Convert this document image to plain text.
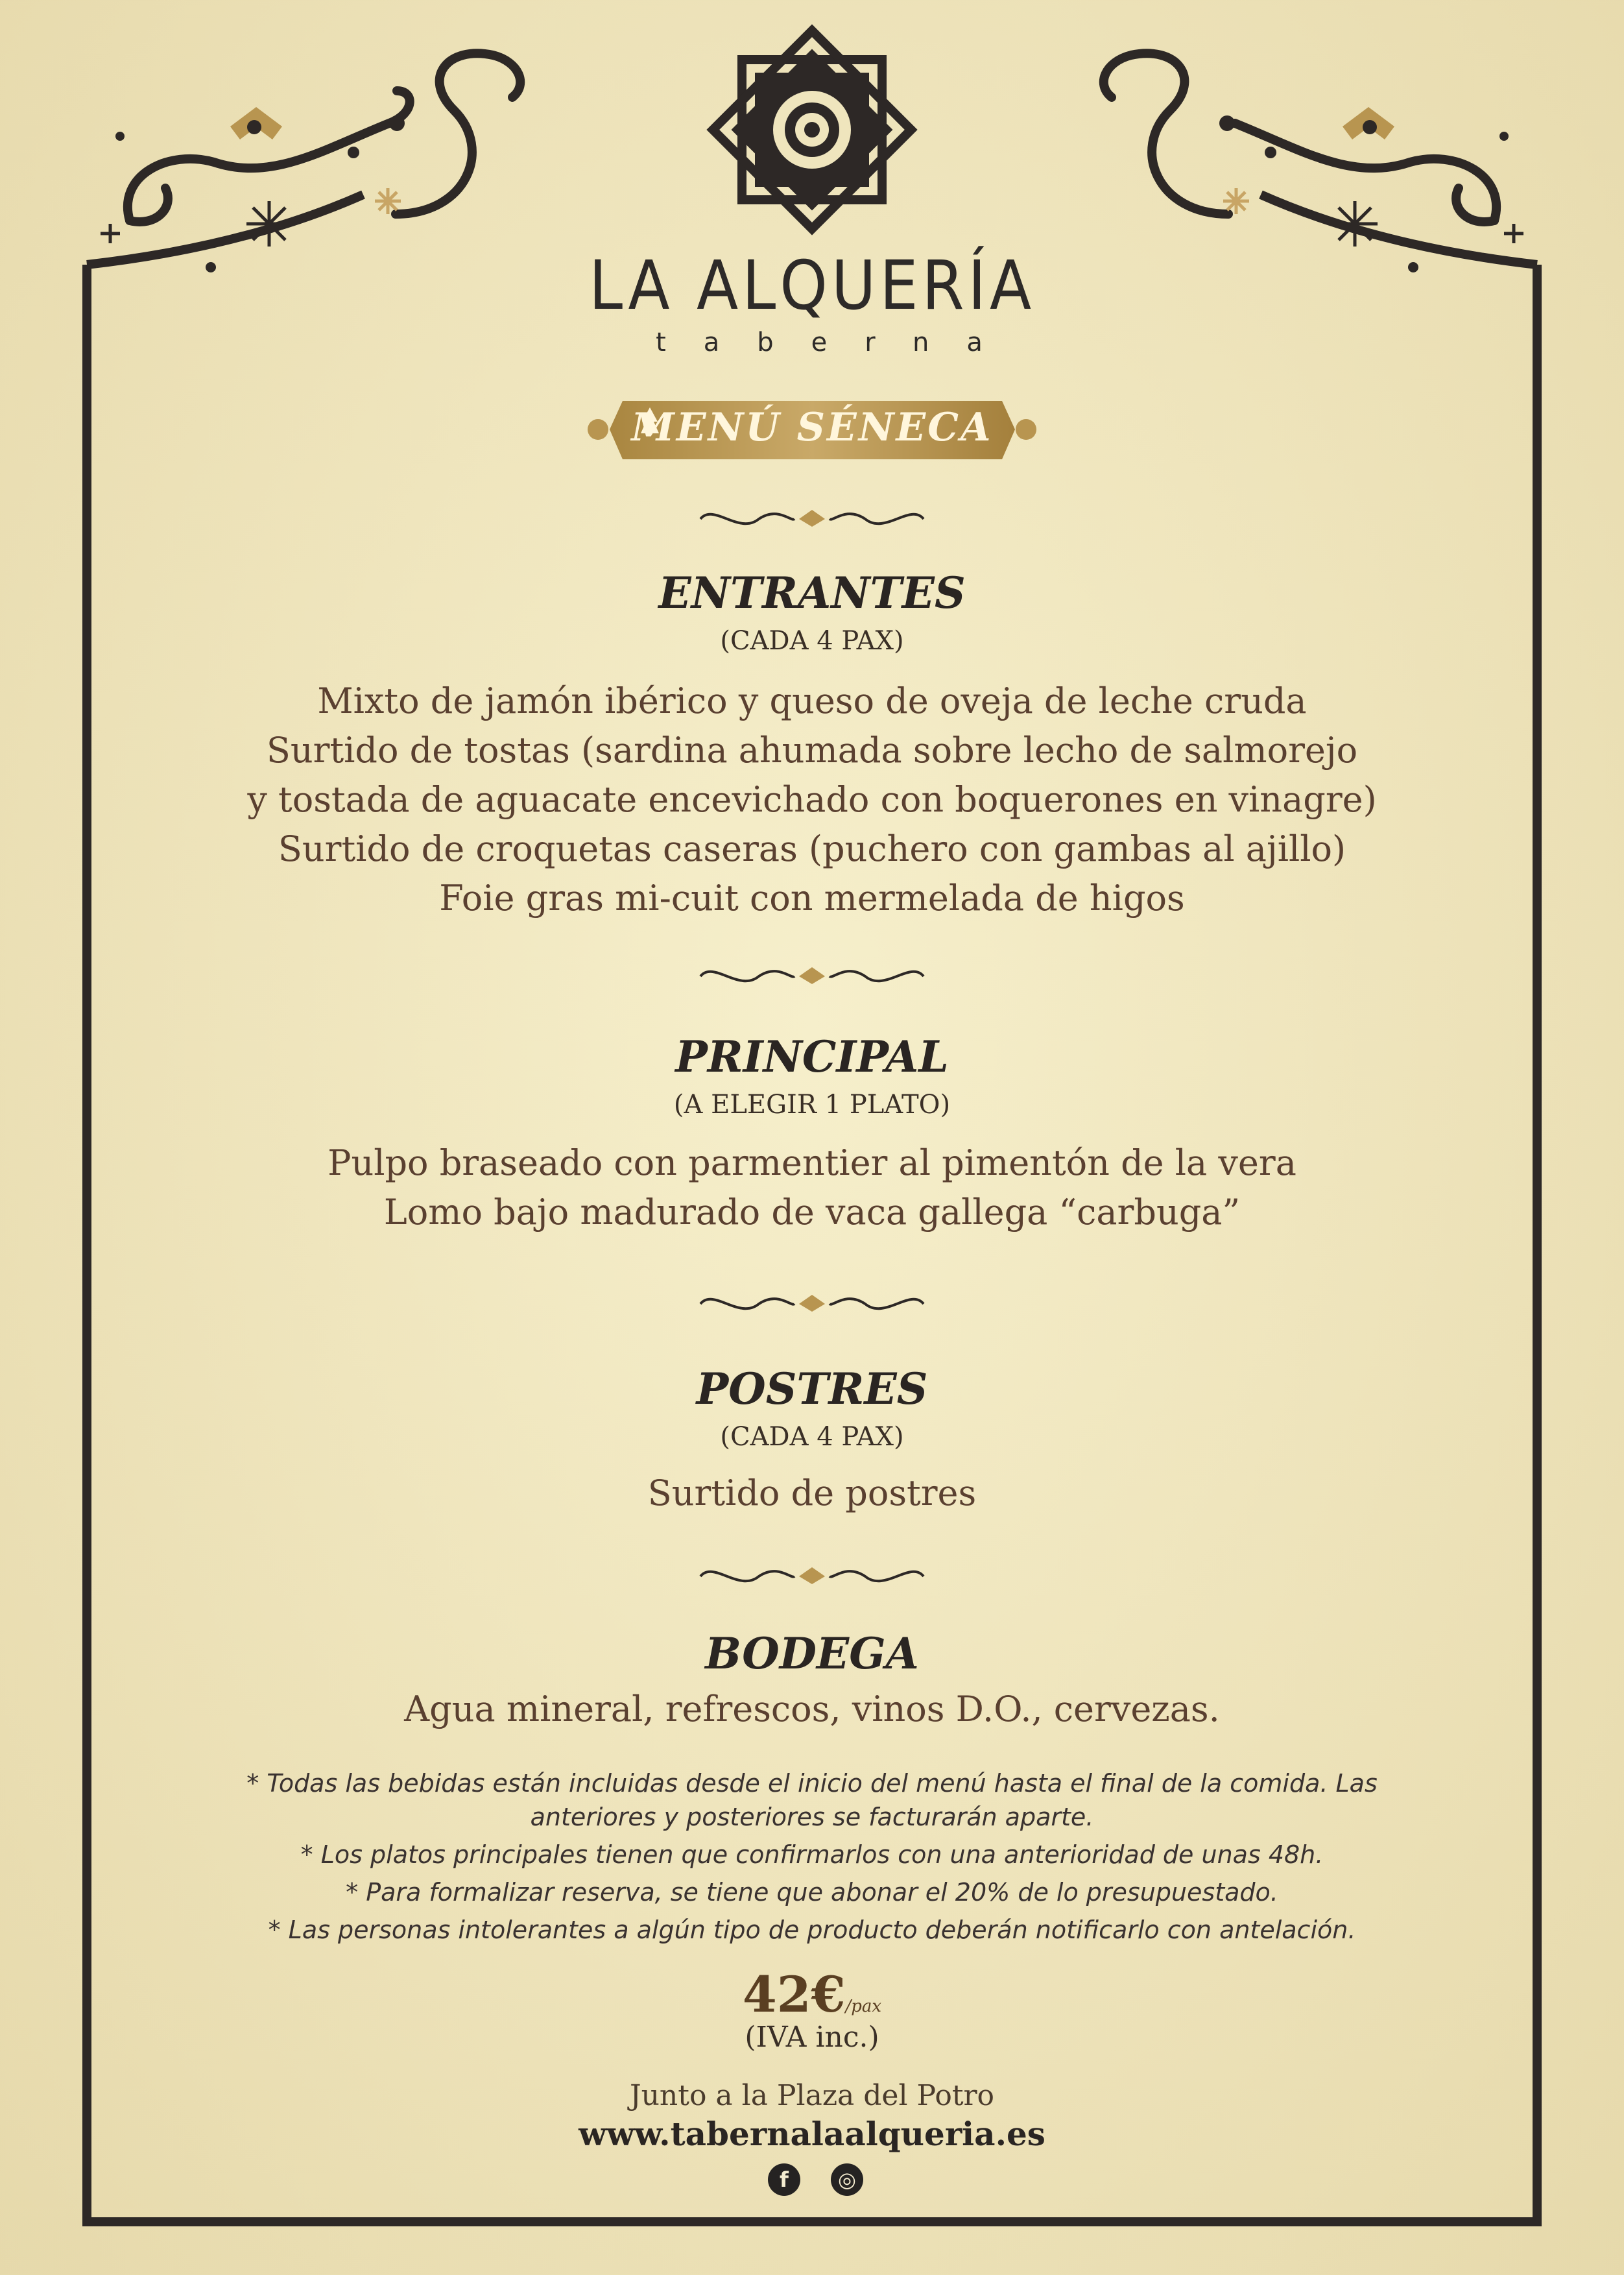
LA ALQUERÍA
taberna
MENÚ SÉNECA
ENTRANTES
(CADA 4 PAX)
Mixto de jamón ibérico y queso de oveja de leche cruda
Surtido de tostas (sardina ahumada sobre lecho de salmorejo
y tostada de aguacate encevichado con boquerones en vinagre)
Surtido de croquetas caseras (puchero con gambas al ajillo)
Foie gras mi-cuit con mermelada de higos
PRINCIPAL
(A ELEGIR 1 PLATO)
Pulpo braseado con parmentier al pimentón de la vera
Lomo bajo madurado de vaca gallega “carbuga”
POSTRES
(CADA 4 PAX)
Surtido de postres
BODEGA
Agua mineral, refrescos, vinos D.O., cervezas.
* Todas las bebidas están incluidas desde el inicio del menú hasta el final de la comida. Las
anteriores y posteriores se facturarán aparte.
* Los platos principales tienen que confirmarlos con una anterioridad de unas 48h.
* Para formalizar reserva, se tiene que abonar el 20% de lo presupuestado.
* Las personas intolerantes a algún tipo de producto deberán notificarlo con antelación.
42€/pax
(IVA inc.)
Junto a la Plaza del Potro
www.tabernalaalqueria.es
f	◎
